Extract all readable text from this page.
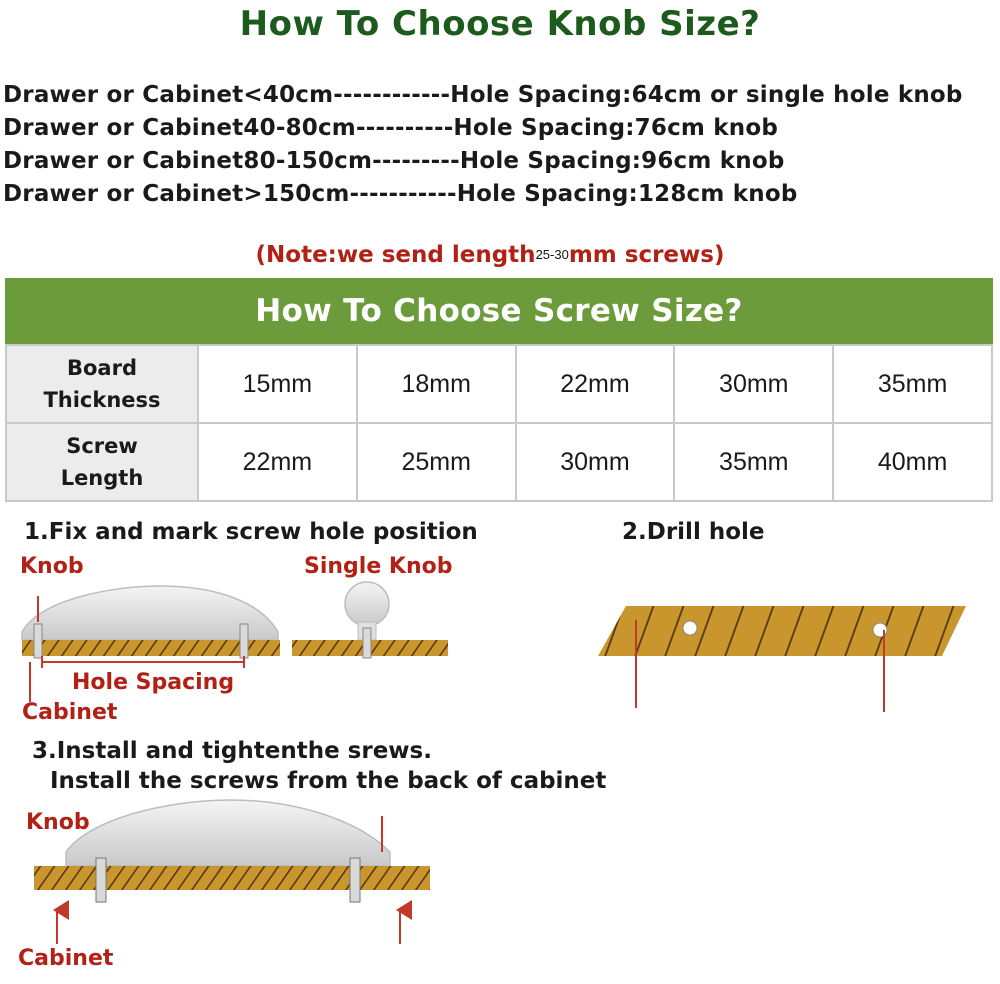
How To Choose Knob Size?
Drawer or Cabinet<40cm------------Hole Spacing:64cm or single hole knob
Drawer or Cabinet40-80cm----------Hole Spacing:76cm knob
Drawer or Cabinet80-150cm---------Hole Spacing:96cm knob
Drawer or Cabinet>150cm-----------Hole Spacing:128cm knob
(Note:we send length25-30mm screws)
How To Choose Screw Size?
Board
Thickness	15mm	18mm	22mm	30mm	35mm

Screw
Length	22mm	25mm	30mm	35mm	40mm
1.Fix and mark screw hole position
Knob	Single Knob
Hole Spacing
Cabinet
2.Drill hole
3.Install and tightenthe srews.
Install the screws from the back of cabinet
Knob
Cabinet
